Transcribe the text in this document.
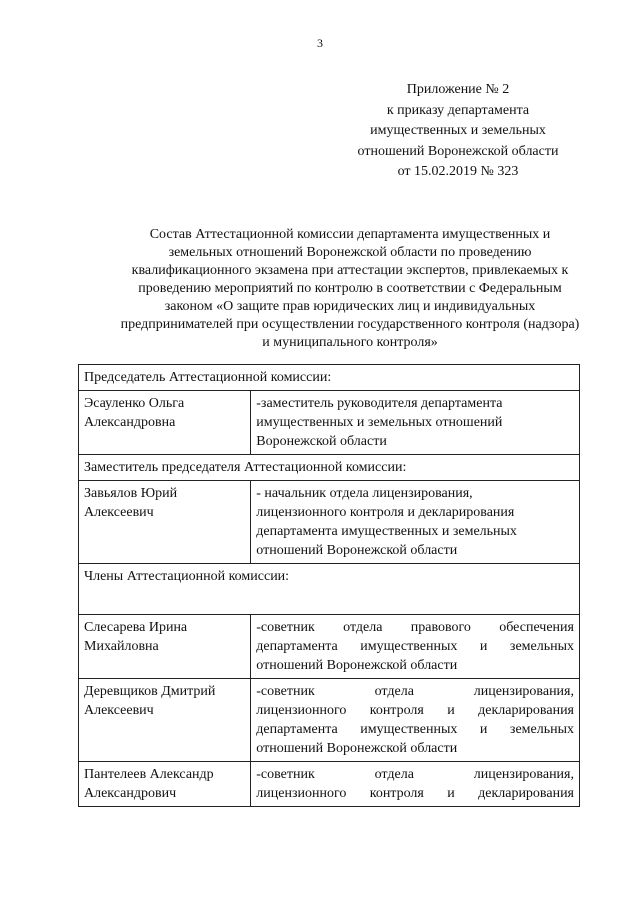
3
Приложение № 2
к приказу департамента
имущественных и земельных
отношений Воронежской области
от 15.02.2019 № 323
Состав Аттестационной комиссии департамента имущественных и
земельных отношений Воронежской области по проведению
квалификационного экзамена при аттестации экспертов, привлекаемых к
проведению мероприятий по контролю в соответствии с Федеральным
законом «О защите прав юридических лиц и индивидуальных
предпринимателей при осуществлении государственного контроля (надзора)
и муниципального контроля»
Председатель Аттестационной комиссии:	

Эсауленко Ольга
Александровна	-заместитель руководителя департамента
имущественных и земельных отношений
Воронежской области

Заместитель председателя Аттестационной комиссии:	

Завьялов Юрий
Алексеевич	- начальник отдела лицензирования,
лицензионного контроля и декларирования
департамента имущественных и земельных
отношений Воронежской области

Члены Аттестационной комиссии:	

Слесарева Ирина
Михайловна	-советник отдела правового обеспечения
департамента имущественных и земельных
отношений Воронежской области

Деревщиков Дмитрий
Алексеевич	-советник отдела лицензирования,
лицензионного контроля и декларирования
департамента имущественных и земельных
отношений Воронежской области

Пантелеев Александр
Александрович	-советник отдела лицензирования,
лицензионного контроля и декларирования
